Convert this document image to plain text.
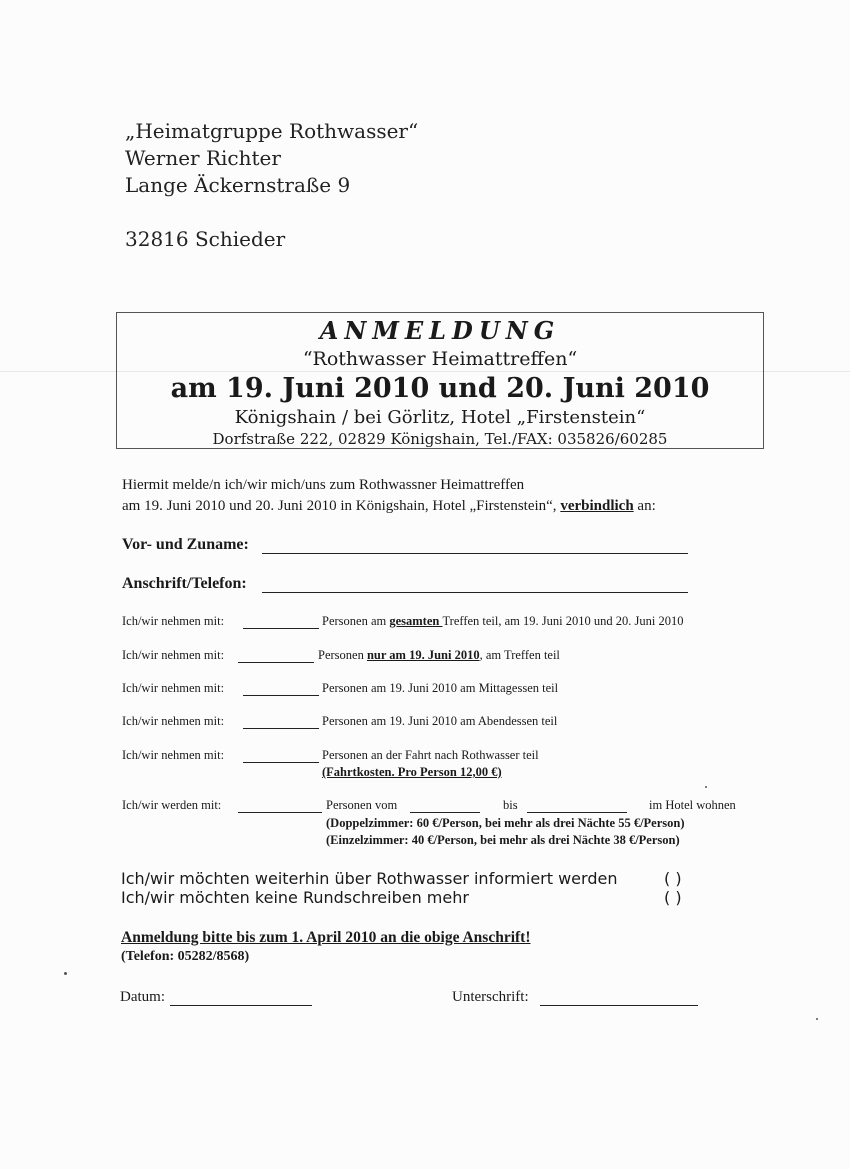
„Heimatgruppe Rothwasser“
Werner Richter
Lange Äckernstraße 9
32816 Schieder
ANMELDUNG
“Rothwasser Heimattreffen“
am 19. Juni 2010 und 20. Juni 2010
Königshain / bei Görlitz, Hotel „Firstenstein“
Dorfstraße 222, 02829 Königshain, Tel./FAX: 035826/60285
Hiermit melde/n ich/wir mich/uns zum Rothwassner Heimattreffen
am 19. Juni 2010 und 20. Juni 2010 in Königshain, Hotel „Firstenstein“, verbindlich an:
Vor- und Zuname:
Anschrift/Telefon:
Ich/wir nehmen mit:	Personen am gesamten Treffen teil, am 19. Juni 2010 und 20. Juni 2010
Ich/wir nehmen mit:	Personen nur am 19. Juni 2010, am Treffen teil
Ich/wir nehmen mit:	Personen am 19. Juni 2010 am Mittagessen teil
Ich/wir nehmen mit:	Personen am 19. Juni 2010 am Abendessen teil
Ich/wir nehmen mit:	Personen an der Fahrt nach Rothwasser teil
(Fahrtkosten. Pro Person 12,00 €)
Ich/wir werden mit:	Personen vom	bis	im Hotel wohnen
(Doppelzimmer: 60 €/Person, bei mehr als drei Nächte 55 €/Person)
(Einzelzimmer: 40 €/Person, bei mehr als drei Nächte 38 €/Person)
Ich/wir möchten weiterhin über Rothwasser informiert werden	( )
Ich/wir möchten keine Rundschreiben mehr	( )
Anmeldung bitte bis zum 1. April 2010 an die obige Anschrift!
(Telefon: 05282/8568)
Datum:	Unterschrift:
